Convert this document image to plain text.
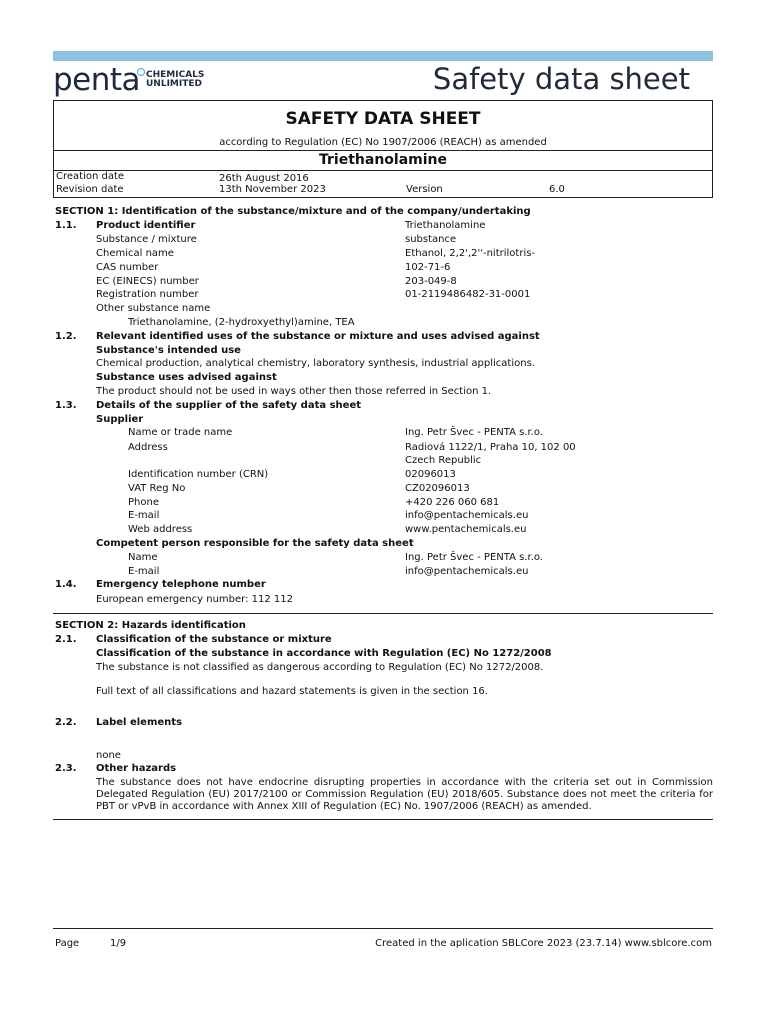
penta CHEMICALS
UNLIMITED	Safety data sheet
SAFETY DATA SHEET
according to Regulation (EC) No 1907/2006 (REACH) as amended
Triethanolamine
Creation date	26th August 2016
Revision date	13th November 2023	Version	6.0
SECTION 1: Identification of the substance/mixture and of the company/undertaking
1.1. Product identifier	Triethanolamine
Substance / mixture	substance
Chemical name	Ethanol, 2,2',2''-nitrilotris-
CAS number	102-71-6
EC (EINECS) number	203-049-8
Registration number	01-2119486482-31-0001
Other substance name
Triethanolamine, (2-hydroxyethyl)amine, TEA
1.2. Relevant identified uses of the substance or mixture and uses advised against
Substance's intended use
Chemical production, analytical chemistry, laboratory synthesis, industrial applications.
Substance uses advised against
The product should not be used in ways other then those referred in Section 1.
1.3. Details of the supplier of the safety data sheet
Supplier
Name or trade name	Ing. Petr Švec - PENTA s.r.o.
Address	Radiová 1122/1, Praha 10, 102 00
Czech Republic
Identification number (CRN)	02096013
VAT Reg No	CZ02096013
Phone	+420 226 060 681
E-mail	info@pentachemicals.eu
Web address	www.pentachemicals.eu
Competent person responsible for the safety data sheet
Name	Ing. Petr Švec - PENTA s.r.o.
E-mail	info@pentachemicals.eu
1.4. Emergency telephone number
European emergency number: 112 112
SECTION 2: Hazards identification
2.1. Classification of the substance or mixture
Classification of the substance in accordance with Regulation (EC) No 1272/2008
The substance is not classified as dangerous according to Regulation (EC) No 1272/2008.
Full text of all classifications and hazard statements is given in the section 16.
2.2. Label elements
none
2.3. Other hazards
The substance does not have endocrine disrupting properties in accordance with the criteria set out in Commission Delegated Regulation (EU) 2017/2100 or Commission Regulation (EU) 2018/605. Substance does not meet the criteria for PBT or vPvB in accordance with Annex XIII of Regulation (EC) No. 1907/2006 (REACH) as amended.
Page	1/9	Created in the aplication SBLCore 2023 (23.7.14) www.sblcore.com
